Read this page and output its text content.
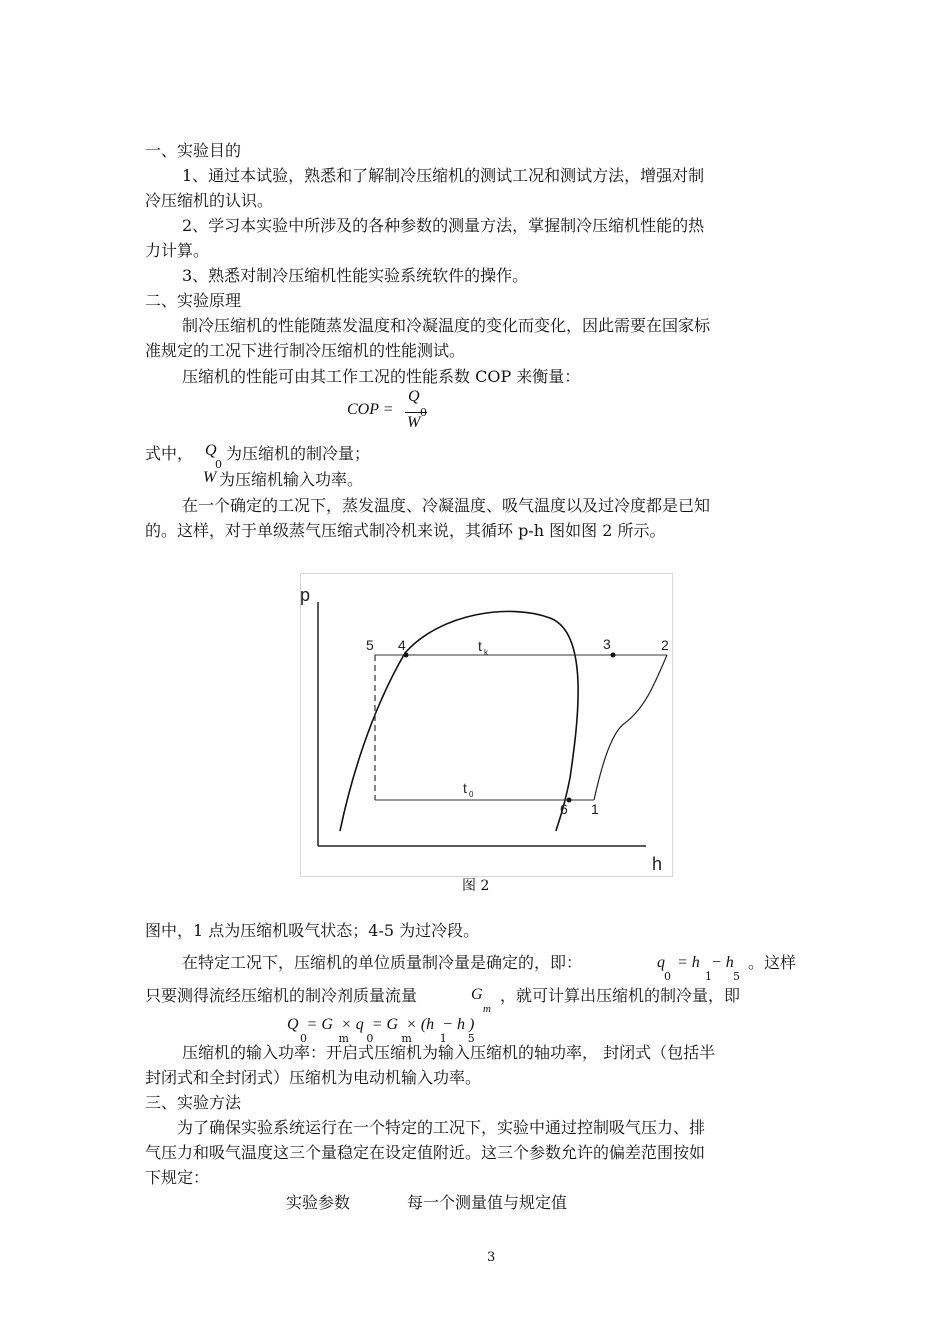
一、实验目的
1、通过本试验，熟悉和了解制冷压缩机的测试工况和测试方法，增强对制
冷压缩机的认识。
2、学习本实验中所涉及的各种参数的测量方法，掌握制冷压缩机性能的热
力计算。
3、熟悉对制冷压缩机性能实验系统软件的操作。
二、实验原理
制冷压缩机的性能随蒸发温度和冷凝温度的变化而变化，因此需要在国家标
准规定的工况下进行制冷压缩机的性能测试。
压缩机的性能可由其工作工况的性能系数 COP 来衡量：
COP =
Q
W
式中， Q
0
为压缩机的制冷量；
W 为压缩机输入功率。
在一个确定的工况下，蒸发温度、冷凝温度、吸气温度以及过冷度都是已知
的。这样，对于单级蒸气压缩式制冷机来说，其循环 p-h 图如图 2 所示。
p
h
5 4	3	2
6 1
t k
t 0
图 2
图中，1 点为压缩机吸气状态；4-5 为过冷段。
在特定工况下，压缩机的单位质量制冷量是确定的，即：	q
0
= h
1
− h
5
。这样
只要测得流经压缩机的制冷剂质量流量	G
m
，就可计算出压缩机的制冷量，即
Q  = G  × q  = G  × (h  − h )
0         m     0        m        1      5
压缩机的输入功率：开启式压缩机为输入压缩机的轴功率， 封闭式（包括半
封闭式和全封闭式）压缩机为电动机输入功率。
三、实验方法
为了确保实验系统运行在一个特定的工况下，实验中通过控制吸气压力、排
气压力和吸气温度这三个量稳定在设定值附近。这三个参数允许的偏差范围按如
下规定：
实验参数	每一个测量值与规定值
3
